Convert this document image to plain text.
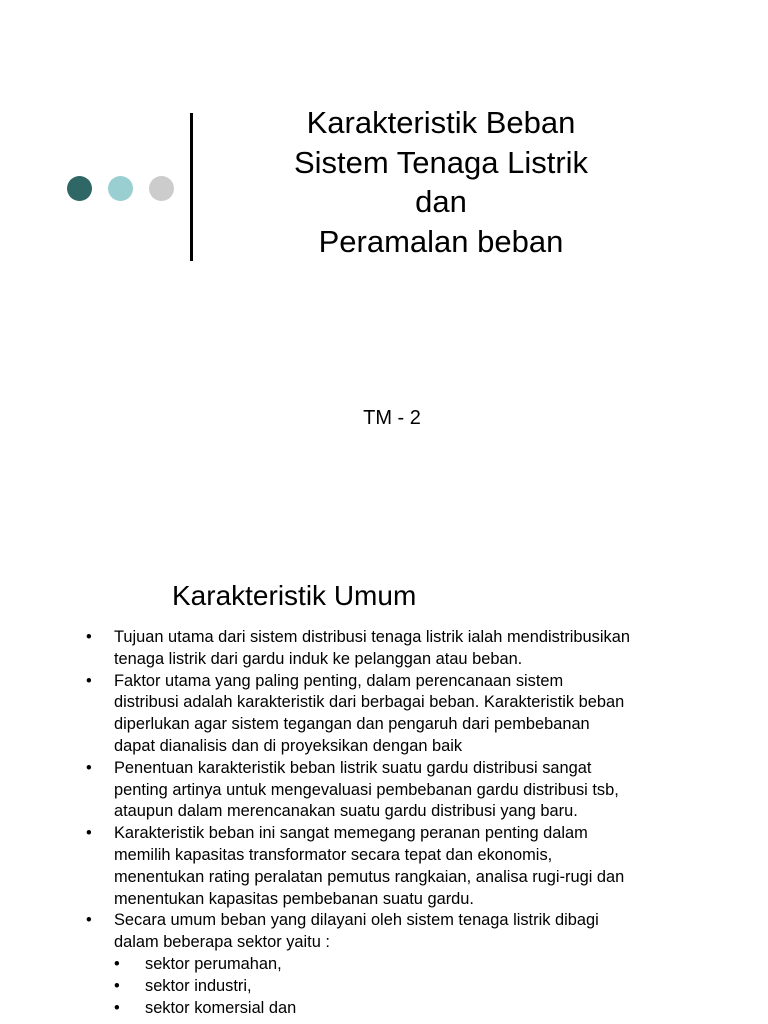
Karakteristik Beban
Sistem Tenaga Listrik
dan
Peramalan beban
TM - 2
Karakteristik Umum
• Tujuan utama dari sistem distribusi tenaga listrik ialah mendistribusikan
tenaga listrik dari gardu induk ke pelanggan atau beban.
• Faktor utama yang paling penting, dalam perencanaan sistem
distribusi adalah karakteristik dari berbagai beban. Karakteristik beban
diperlukan agar sistem tegangan dan pengaruh dari pembebanan
dapat dianalisis dan di proyeksikan dengan baik
• Penentuan karakteristik beban listrik suatu gardu distribusi sangat
penting artinya untuk mengevaluasi pembebanan gardu distribusi tsb,
ataupun dalam merencanakan suatu gardu distribusi yang baru.
• Karakteristik beban ini sangat memegang peranan penting dalam
memilih kapasitas transformator secara tepat dan ekonomis,
menentukan rating peralatan pemutus rangkaian, analisa rugi-rugi dan
menentukan kapasitas pembebanan suatu gardu.
• Secara umum beban yang dilayani oleh sistem tenaga listrik dibagi
dalam beberapa sektor yaitu :
• sektor perumahan,
• sektor industri,
• sektor komersial dan
